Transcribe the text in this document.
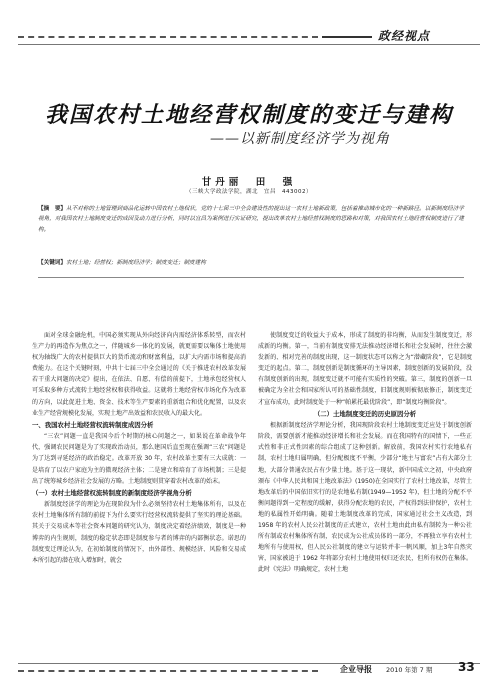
政经视点
我国农村土地经营权制度的变迁与建构
——以新制度经济学为视角
甘丹丽　田　强
（三峡大学政法学院，湖北　宜昌　443002）
【摘　要】从不对称的土地管理到商品化运转中国农村土地权状，党的十七届三中全会建设性的提出这一农村土地新政策，包括着推动城市化的一种新路径。以新制度经济学视角，对我国农村土地制度变迁的成因及动力进行分析，同时以宜昌为案例进行实证研究，提出改革农村土地经营权制度的思路和对策，对我国农村土地经营权制度进行了建构。
【关键词】农村土地；经营权；新制度经济学；制度变迁；制度建构

面对全球金融危机，中国必须实现从外向经济向内需经济体系转型，而农村生产力的再造作为焦点之一，伴随城乡一体化的发展，就更需要以集体土地使用权为轴线广大的农村提供巨大的货币流动和财富利益，以扩大内需市场和提高消费能力。在这个关键时刻，中共十七届三中全会通过的《关于推进农村改革发展若干重大问题的决定》提出，在依法、自愿、有偿的前提下，土地承包经营权人可采取多种方式流转土地经营权和获得收益。这就将土地经营权市场化作为改革的方向，以此促进土地、资金、技术等生产要素的重新组合和优化配置，以及农业生产经营规模化发展，实现土地产出效益和农民收入的最大化。

一、我国农村土地经营权流转制度成因分析

“三农”问题一直是我国今后个时期的核心问题之一，如果说在革命战争年代，强调农民问题是为了实现政治动员，那么建国后直至现在强调“三农”问题是为了达到寻延经济的政治稳定。改革开放 30 年，农村改革主要有三大成就：一是培育了以农户家庭为主的微观经济主体；二是建立和培育了市场机制；三是提出了统筹城乡经济社会发展的方略。土地制度则贯穿着农村改革的始末。

（一）农村土地经营权流转制度的新制度经济学视角分析

新制度经济学的理论为在现阶段为什么必须坚持农村土地集体所有，以及在农村土地集体所有制的前提下为什么要实行经营权流转提供了坚实的理论基础。其关于交易成本等社会资本问题的研究认为，制度决定着经济绩效，制度是一种博弈的内生规则，制度的稳定状态即是制度参与者的博弈的内部衡状态。诺思的制度变迁理论认为，在初始制度的情况下，由外部性、规模经济、风险和交易成本所引起的潜在收入增加时，就会

使制度变迁的收益大于成本，形成了制度的非均衡，从而发生制度变迁，形成新的均衡。第一，当前有制度安排无法推动经济增长和社会发展时，往往会激发新的、相对完善的制度出现，这一制度状态可以称之为“潜藏阶段”，它是制度变迁的起点。第二，制度创新是制度循环的主导因素，制度创新的发展阶段，没有制度创新的出现，制度变迁就不可能有实质性的突破。第三，制度的创新一旦被确定为全社会和国家所认可的基础性制度，旧制度规则被彻底修正，制度变迁才宣布成功，此时制度处于一种“帕累托最优阶段”，即“制度均衡阶段”。

（二）土地制度变迁的历史原因分析

根据新制度经济学理论分析，我国现阶段农村土地制度变迁应处于制度创新阶段，需要创新才能推动经济增长和社会发展。而在我国特有的国情下，一些正式性和非正式性因素的综合组成了这种创新。解放前，我国农村实行农地私有制，农村土地归属明确，但分配极度不平衡，少部分“地主与富农”占有大部分土地，大部分普通农民占有少量土地。基于这一现状，新中国成立之初，中央政府颁布《中华人民共和国土地改革法》(1950)在全国实行了农村土地改革，尽管土地改革后的中国依旧实行的是农地私有制(1949—1952 年)，但土地的分配不平衡问题得到一定程度的缓解，获得分配农地的农民，产权得到法律保护，农村土地的私属性开始明确。随着土地制度改革的完成，国家通过社会主义改造，到 1958 年的农村人民公社制度的正式建立，农村土地由此由私有制转为一种公社所有制或农村集体所有制，农民成为公社成员体的一部分，不再独立享有农村土地所有与使用权，但人民公社制度的建立与运转并非一帆风顺，加上3年自然灾害，国家被迫于 1962 年将部分农村土地使用权归还农民，但所有权仍在集体。此时《宪法》明确规定，农村土地

企业导报 2010 年第 7 期 33
